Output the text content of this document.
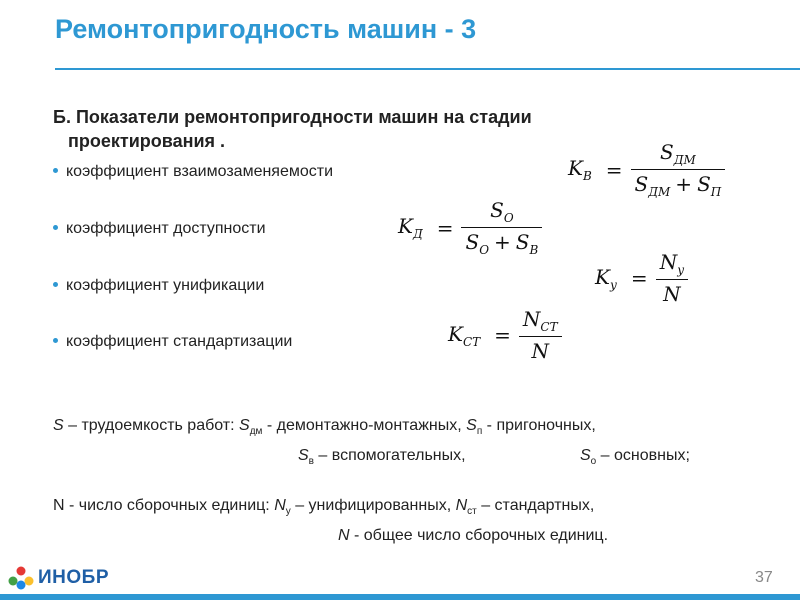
Ремонтопригодность машин - 3
Б. Показатели ремонтопригодности машин на стадии
проектирования .
коэффициент взаимозаменяемости
коэффициент доступности
коэффициент унификации
коэффициент стандартизации
$K_В = \frac{S_{ДМ}}{S_{ДМ} + S_П}$
$K_Д = \frac{S_О}{S_О + S_В}$
$K_у = \frac{N_у}{N}$
$K_{СТ} = \frac{N_{СТ}}{N}$
S – трудоемкость работ: $S_{дм}$ - демонтажно-монтажных, $S_п$ - пригоночных,
$S_в$ – вспомогательных,	$S_о$ – основных;
N - число сборочных единиц: $N_у$ – унифицированных, $N_{ст}$ – стандартных,
N - общее число сборочных единиц.
ИНОБР	37
